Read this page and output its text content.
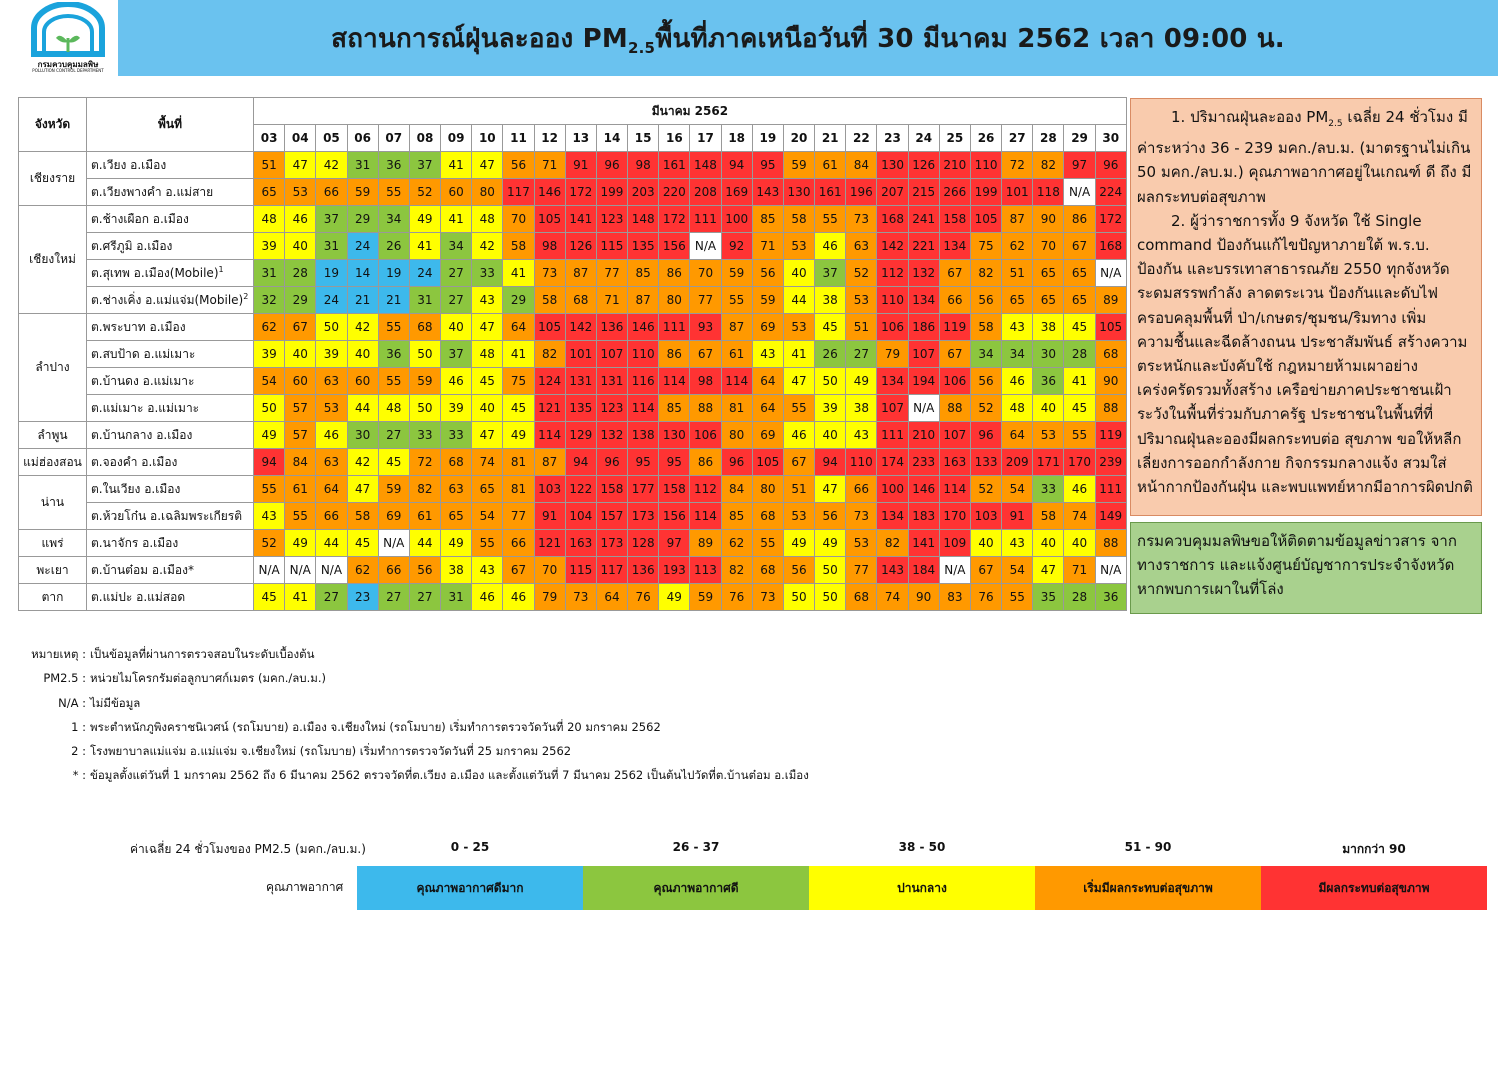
กรมควบคุมมลพิษ
POLLUTION CONTROL DEPARTMENT
สถานการณ์ฝุ่นละออง $PM_{2.5}$พื้นที่ภาคเหนือวันที่ 30 มีนาคม 2562 เวลา 09:00 น.
จังหวัด	พื้นที่	มีนาคม 2562																											
		03	04	05	06	07	08	09	10	11	12	13	14	15	16	17	18	19	20	21	22	23	24	25	26	27	28	29	30
เชียงราย	ต.เวียง อ.เมือง	51	47	42	31	36	37	41	47	56	71	91	96	98	161	148	94	95	59	61	84	130	126	210	110	72	82	97	96
	ต.เวียงพางคำ อ.แม่สาย	65	53	66	59	55	52	60	80	117	146	172	199	203	220	208	169	143	130	161	196	207	215	266	199	101	118	N/A	224
เชียงใหม่	ต.ช้างเผือก อ.เมือง	48	46	37	29	34	49	41	48	70	105	141	123	148	172	111	100	85	58	55	73	168	241	158	105	87	90	86	172
	ต.ศรีภูมิ อ.เมือง	39	40	31	24	26	41	34	42	58	98	126	115	135	156	N/A	92	71	53	46	63	142	221	134	75	62	70	67	168
	ต.สุเทพ อ.เมือง(Mobile)$^1$	31	28	19	14	19	24	27	33	41	73	87	77	85	86	70	59	56	40	37	52	112	132	67	82	51	65	65	N/A
	ต.ช่างเคิ่ง อ.แม่แจ่ม(Mobile)$^2$	32	29	24	21	21	31	27	43	29	58	68	71	87	80	77	55	59	44	38	53	110	134	66	56	65	65	65	89
ลำปาง	ต.พระบาท อ.เมือง	62	67	50	42	55	68	40	47	64	105	142	136	146	111	93	87	69	53	45	51	106	186	119	58	43	38	45	105
	ต.สบป้าด อ.แม่เมาะ	39	40	39	40	36	50	37	48	41	82	101	107	110	86	67	61	43	41	26	27	79	107	67	34	34	30	28	68
	ต.บ้านดง อ.แม่เมาะ	54	60	63	60	55	59	46	45	75	124	131	131	116	114	98	114	64	47	50	49	134	194	106	56	46	36	41	90
	ต.แม่เมาะ อ.แม่เมาะ	50	57	53	44	48	50	39	40	45	121	135	123	114	85	88	81	64	55	39	38	107	N/A	88	52	48	40	45	88
ลำพูน	ต.บ้านกลาง อ.เมือง	49	57	46	30	27	33	33	47	49	114	129	132	138	130	106	80	69	46	40	43	111	210	107	96	64	53	55	119
แม่ฮ่องสอน	ต.จองคำ อ.เมือง	94	84	63	42	45	72	68	74	81	87	94	96	95	95	86	96	105	67	94	110	174	233	163	133	209	171	170	239
น่าน	ต.ในเวียง อ.เมือง	55	61	64	47	59	82	63	65	81	103	122	158	177	158	112	84	80	51	47	66	100	146	114	52	54	33	46	111
	ต.ห้วยโก๋น อ.เฉลิมพระเกียรติ	43	55	66	58	69	61	65	54	77	91	104	157	173	156	114	85	68	53	56	73	134	183	170	103	91	58	74	149
แพร่	ต.นาจักร อ.เมือง	52	49	44	45	N/A	44	49	55	66	121	163	173	128	97	89	62	55	49	49	53	82	141	109	40	43	40	40	88
พะเยา	ต.บ้านต๋อม อ.เมือง*	N/A	N/A	N/A	62	66	56	38	43	67	70	115	117	136	193	113	82	68	56	50	77	143	184	N/A	67	54	47	71	N/A
ตาก	ต.แม่ปะ อ.แม่สอด	45	41	27	23	27	27	31	46	46	79	73	64	76	49	59	76	73	50	50	68	74	90	83	76	55	35	28	36

1. ปริมาณฝุ่นละออง $PM_{2.5}$ เฉลี่ย 24 ชั่วโมง มีค่าระหว่าง 36 - 239 มคก./ลบ.ม. (มาตรฐานไม่เกิน 50 มคก./ลบ.ม.) คุณภาพอากาศอยู่ในเกณฑ์ ดี ถึง มีผลกระทบต่อสุขภาพ

2. ผู้ว่าราชการทั้ง 9 จังหวัด ใช้ Single command ป้องกันแก้ไขปัญหาภายใต้ พ.ร.บ. ป้องกัน และบรรเทาสาธารณภัย 2550 ทุกจังหวัด ระดมสรรพกำลัง ลาดตระเวน ป้องกันและดับไฟ ครอบคลุมพื้นที่ ป่า/เกษตร/ชุมชน/ริมทาง เพิ่มความชื้นและฉีดล้างถนน ประชาสัมพันธ์ สร้างความตระหนักและบังคับใช้ กฎหมายห้ามเผาอย่างเคร่งครัดรวมทั้งสร้าง เครือข่ายภาคประชาชนเฝ้าระวังในพื้นที่ร่วมกับภาครัฐ ประชาชนในพื้นที่ที่ปริมาณฝุ่นละอองมีผลกระทบต่อ สุขภาพ ขอให้หลีกเลี่ยงการออกกำลังกาย กิจกรรมกลางแจ้ง สวมใส่หน้ากากป้องกันฝุ่น และพบแพทย์หากมีอาการผิดปกติ

กรมควบคุมมลพิษขอให้ติดตามข้อมูลข่าวสาร จากทางราชการ และแจ้งศูนย์บัญชาการประจำจังหวัด หากพบการเผาในที่โล่ง

หมายเหตุ : เป็นข้อมูลที่ผ่านการตรวจสอบในระดับเบื้องต้น
PM2.5 : หน่วยไมโครกรัมต่อลูกบาศก์เมตร (มคก./ลบ.ม.)
N/A : ไม่มีข้อมูล
1 : พระตำหนักภูพิงคราชนิเวศน์ (รถโมบาย) อ.เมือง จ.เชียงใหม่ (รถโมบาย) เริ่มทำการตรวจวัดวันที่ 20 มกราคม 2562
2 : โรงพยาบาลแม่แจ่ม อ.แม่แจ่ม จ.เชียงใหม่ (รถโมบาย) เริ่มทำการตรวจวัดวันที่ 25 มกราคม 2562
* : ข้อมูลตั้งแต่วันที่ 1 มกราคม 2562 ถึง 6 มีนาคม 2562 ตรวจวัดที่ต.เวียง อ.เมือง และตั้งแต่วันที่ 7 มีนาคม 2562 เป็นต้นไปวัดที่ต.บ้านต๋อม อ.เมือง
ค่าเฉลี่ย 24 ชั่วโมงของ PM2.5 (มคก./ลบ.ม.)
คุณภาพอากาศ
0 - 25
คุณภาพอากาศดีมาก
26 - 37
คุณภาพอากาศดี
38 - 50
ปานกลาง
51 - 90
เริ่มมีผลกระทบต่อสุขภาพ
มากกว่า 90
มีผลกระทบต่อสุขภาพ
